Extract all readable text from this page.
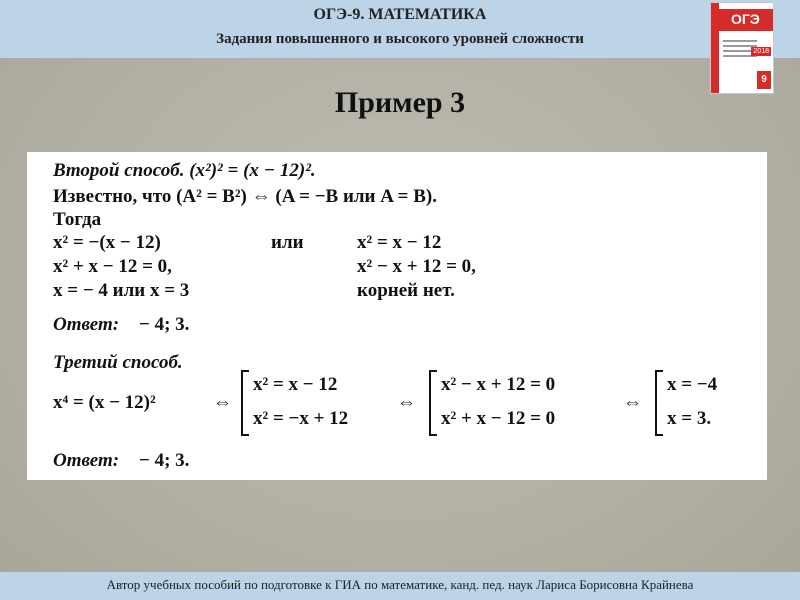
ОГЭ-9. МАТЕМАТИКА
Задания повышенного и высокого уровней сложности
ОГЭ
2018
9
Пример 3
Второй способ. (x²)² = (x − 12)².
Известно, что (A² = B²) ⇔ (A = −B или A = B).
Тогда
x² = −(x − 12)	или	x² = x − 12
x² + x − 12 = 0,	x² − x + 12 = 0,
x = − 4 или x = 3	корней нет.
Ответ: − 4; 3.
Третий способ.
x⁴ = (x − 12)²	⇔
x² = x − 12
x² = −x + 12
⇔
x² − x + 12 = 0
x² + x − 12 = 0
⇔
x = −4
x = 3.
Ответ: − 4; 3.
Автор учебных пособий по подготовке к ГИА по математике, канд. пед. наук Лариса Борисовна Крайнева
